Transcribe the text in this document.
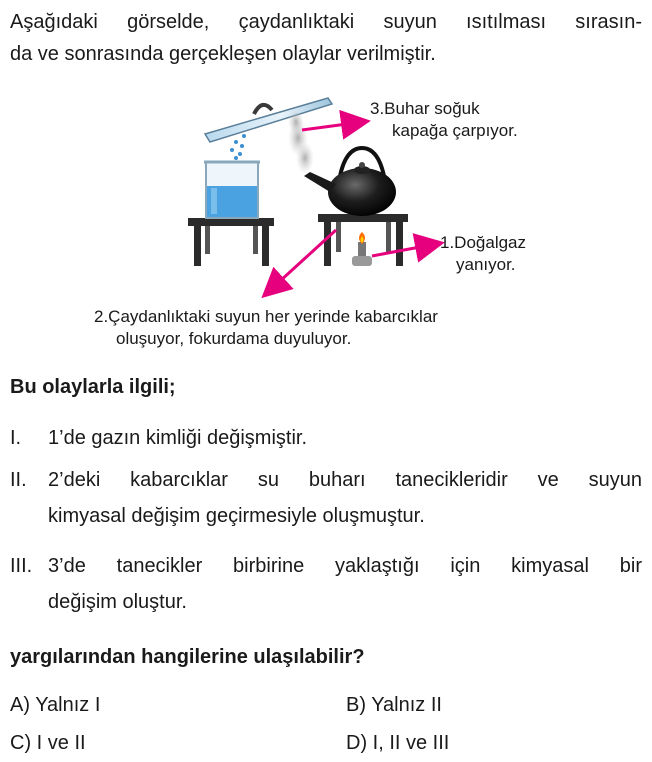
Aşağıdaki görselde, çaydanlıktaki suyun ısıtılması sırasın-
da ve sonrasında gerçekleşen olaylar verilmiştir.
3.Buhar soğuk
kapağa çarpıyor.
1.Doğalgaz
yanıyor.
2.Çaydanlıktaki suyun her yerinde kabarcıklar
oluşuyor, fokurdama duyuluyor.
Bu olaylarla ilgili;
I. 1’de gazın kimliği değişmiştir.
II. 2’deki kabarcıklar su buharı tanecikleridir ve suyun
kimyasal değişim geçirmesiyle oluşmuştur.
III. 3’de tanecikler birbirine yaklaştığı için kimyasal bir
değişim oluştur.
yargılarından hangilerine ulaşılabilir?
A) Yalnız I	B) Yalnız II
C) I ve II	D) I, II ve III
